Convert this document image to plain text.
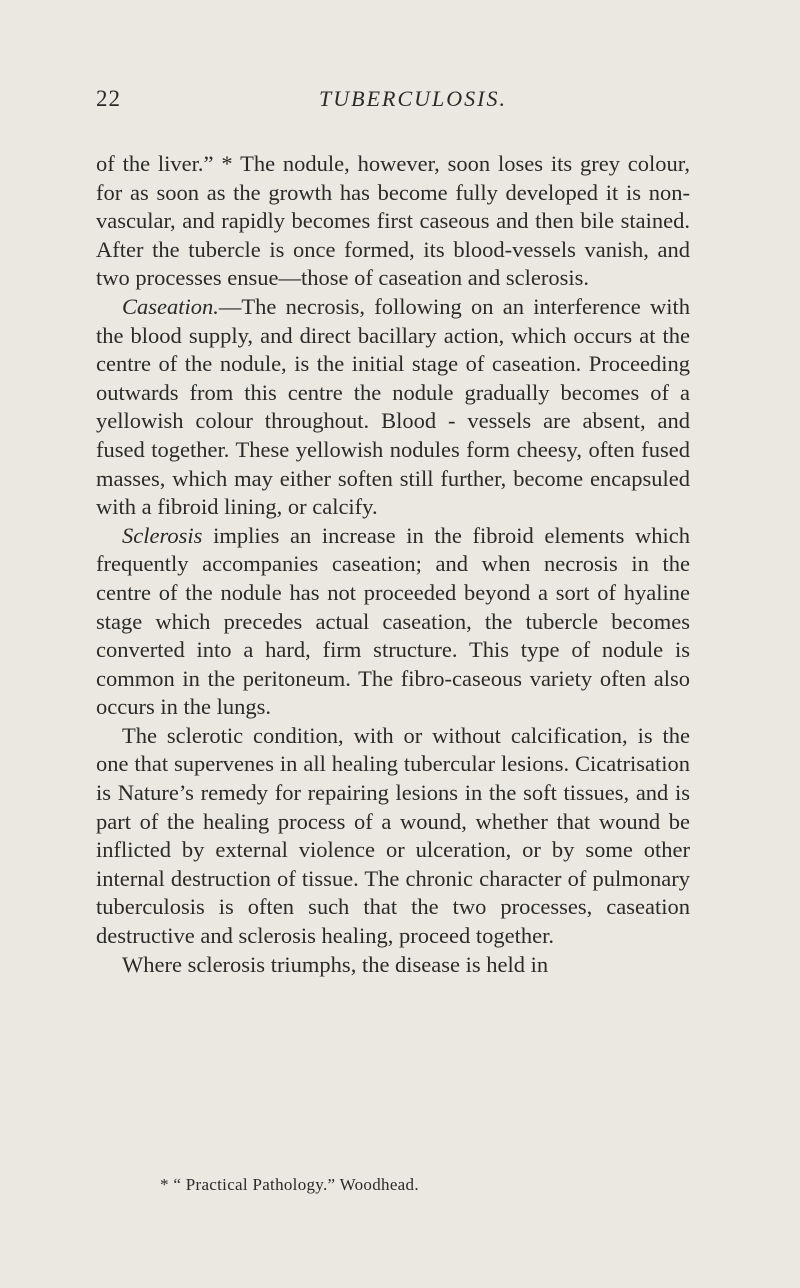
22	TUBERCULOSIS.

of the liver.” * The nodule, however, soon loses its grey colour, for as soon as the growth has become fully developed it is non-vascular, and rapidly becomes first caseous and then bile stained. After the tubercle is once formed, its blood-vessels vanish, and two processes ensue—those of caseation and sclerosis.

Caseation.—The necrosis, following on an interference with the blood supply, and direct bacillary action, which occurs at the centre of the nodule, is the initial stage of caseation. Proceeding outwards from this centre the nodule gradually becomes of a yellowish colour throughout. Blood - vessels are absent, and fused together. These yellowish nodules form cheesy, often fused masses, which may either soften still further, become encapsuled with a fibroid lining, or calcify.

Sclerosis implies an increase in the fibroid elements which frequently accompanies caseation; and when necrosis in the centre of the nodule has not proceeded beyond a sort of hyaline stage which precedes actual caseation, the tubercle becomes converted into a hard, firm structure. This type of nodule is common in the peritoneum. The fibro-caseous variety often also occurs in the lungs.

The sclerotic condition, with or without calcification, is the one that supervenes in all healing tubercular lesions. Cicatrisation is Nature’s remedy for repairing lesions in the soft tissues, and is part of the healing process of a wound, whether that wound be inflicted by external violence or ulceration, or by some other internal destruction of tissue. The chronic character of pulmonary tuberculosis is often such that the two processes, caseation destructive and sclerosis healing, proceed together.

Where sclerosis triumphs, the disease is held in

* “ Practical Pathology.” Woodhead.
